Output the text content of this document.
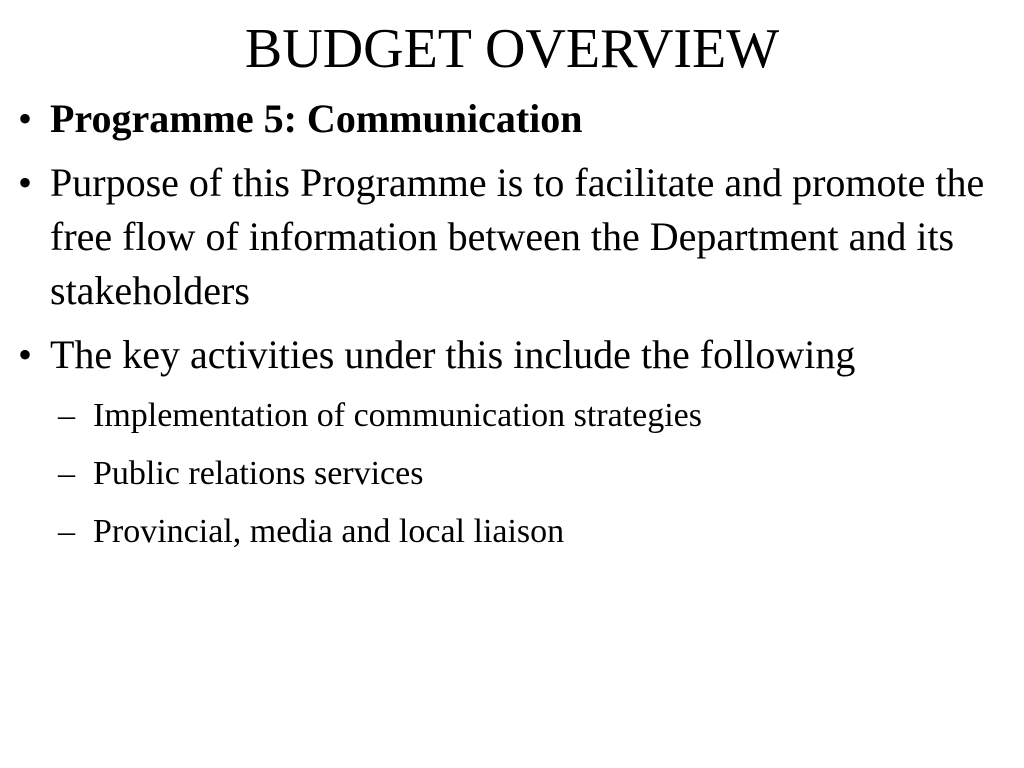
BUDGET OVERVIEW
• Programme 5: Communication
• Purpose of this Programme is to facilitate and promote the free flow of information between the Department and its stakeholders
• The key activities under this include the following
– Implementation of communication strategies
– Public relations services
– Provincial, media and local liaison
